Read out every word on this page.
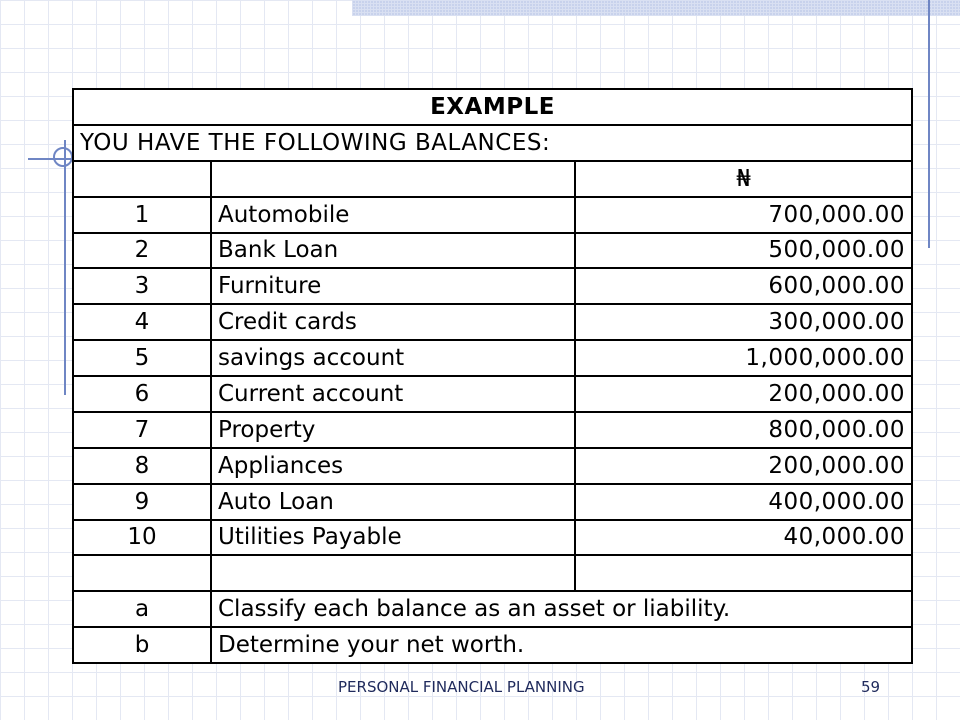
EXAMPLE		
YOU HAVE THE FOLLOWING BALANCES:		
		₦
1	Automobile	700,000.00
2	Bank Loan	500,000.00
3	Furniture	600,000.00
4	Credit cards	300,000.00
5	savings account	1,000,000.00
6	Current account	200,000.00
7	Property	800,000.00
8	Appliances	200,000.00
9	Auto Loan	400,000.00
10	Utilities Payable	40,000.00

a	Classify each balance as an asset or liability.	
b	Determine your net worth.	
PERSONAL FINANCIAL PLANNING	59
